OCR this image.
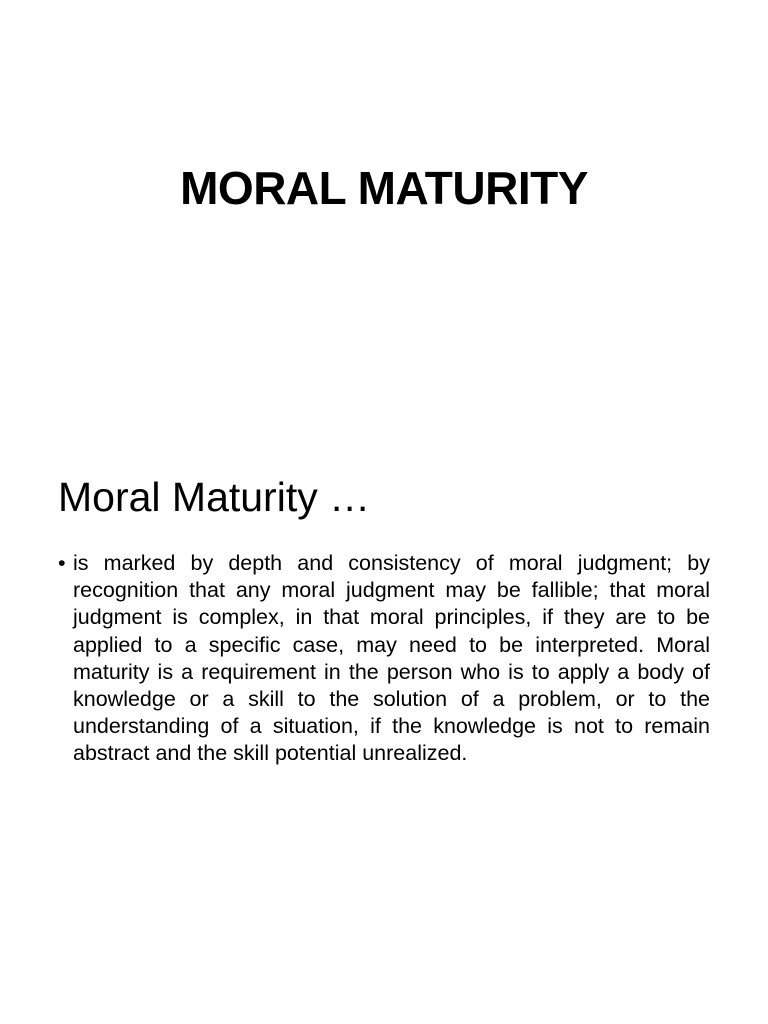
MORAL MATURITY
Moral Maturity …
• is marked by depth and consistency of moral judgment; by recognition that any moral judgment may be fallible; that moral judgment is complex, in that moral principles, if they are to be applied to a specific case, may need to be interpreted. Moral maturity is a requirement in the person who is to apply a body of knowledge or a skill to the solution of a problem, or to the understanding of a situation, if the knowledge is not to remain abstract and the skill potential unrealized.
